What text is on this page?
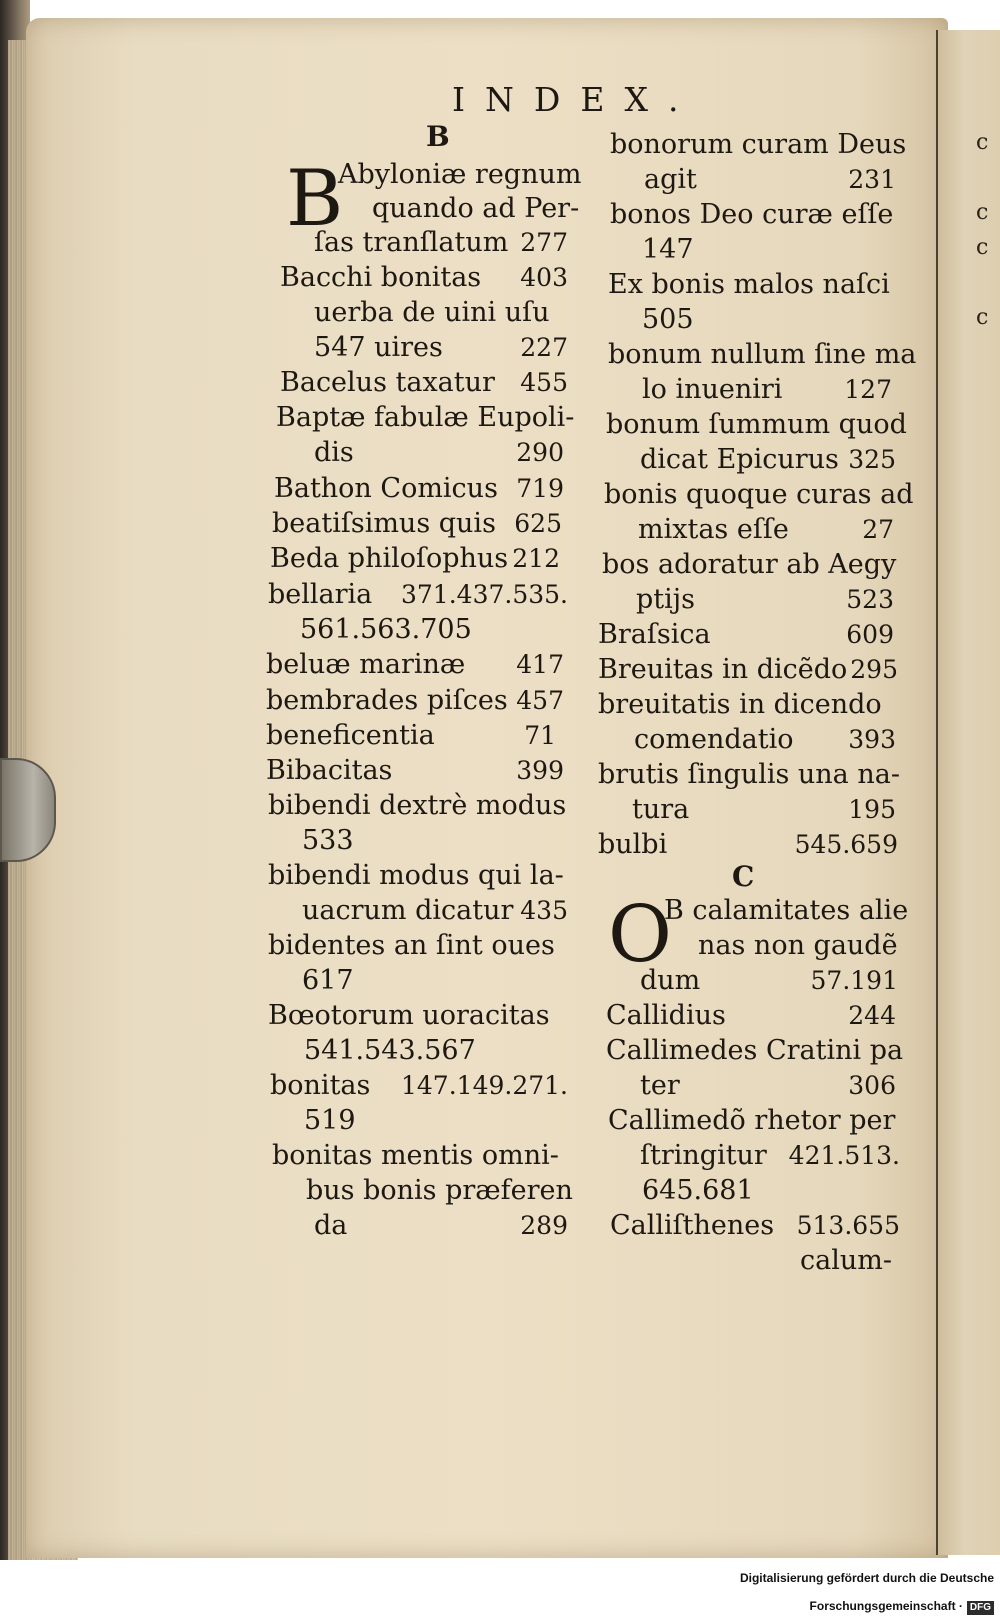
c
c
c
c
INDEX.
B
B
Abyloniæ regnum
quando ad Per-
ſas tranſlatum 277
Bacchi bonitas 403
uerba de uini uſu
547 uires	227
Bacelus taxatur 455
Baptæ fabulæ Eupoli-
dis	290
Bathon Comicus 719
beatiſsimus quis 625
Beda philoſophus 212
bellaria 371.437.535.
561.563.705
beluæ marinæ 417
bembrades piſces 457
beneficentia	71
Bibacitas	399
bibendi dextrè modus
533
bibendi modus qui la-
uacrum dicatur 435
bidentes an ſint oues
617
Bœotorum uoracitas
541.543.567
bonitas 147.149.271.
519
bonitas mentis omni-
bus bonis præferen
da	289
bonorum curam Deus
agit	231
bonos Deo curæ eſſe
147
Ex bonis malos naſci
505
bonum nullum ſine ma
lo inueniri 127
bonum ſummum quod
dicat Epicurus 325
bonis quoque curas ad
mixtas eſſe	27
bos adoratur ab Aegy
ptijs	523
Braſsica	609
Breuitas in dicẽdo 295
breuitatis in dicendo
comendatio 393
brutis ſingulis una na-
tura	195
bulbi	545.659
C
O
B calamitates alie
nas non gaudẽ
dum	57.191
Callidius	244
Callimedes Cratini pa
ter	306
Callimedõ rhetor per
ſtringitur 421.513.
645.681
Calliſthenes 513.655
calum-
Digitalisierung gefördert durch die Deutsche Forschungsgemeinschaft · DFG
